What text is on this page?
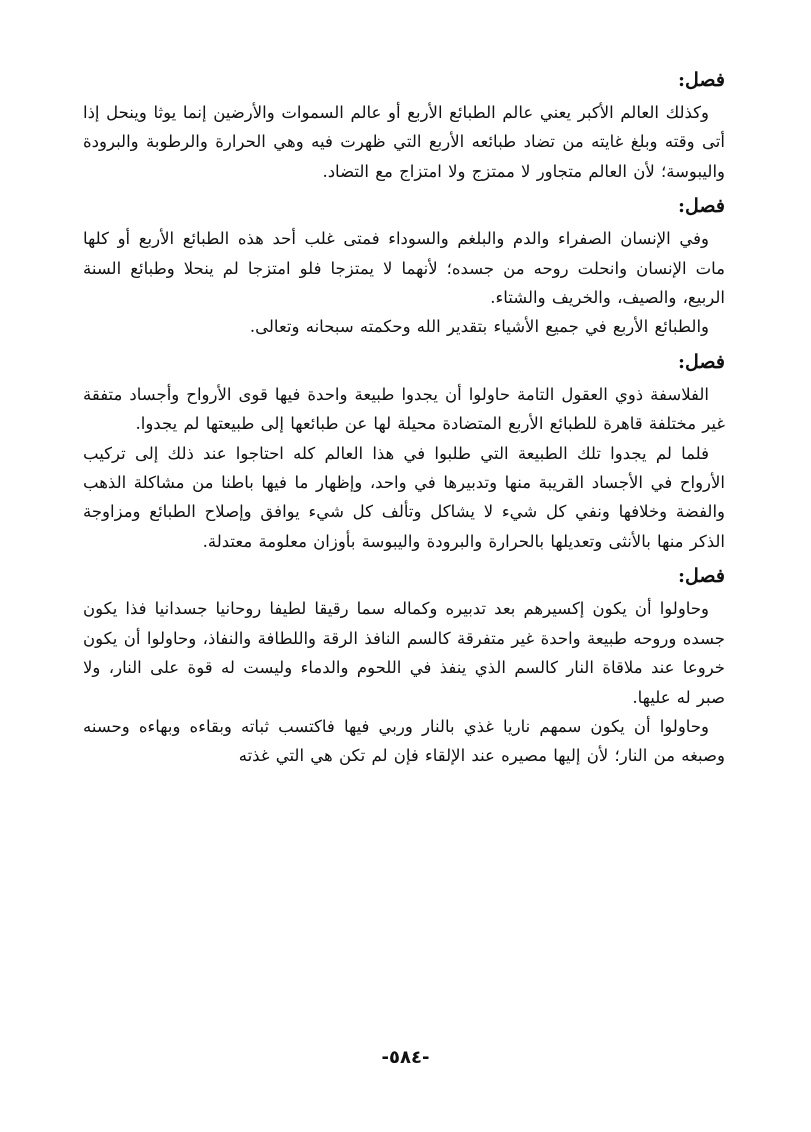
فصل:

وكذلك العالم الأكبر يعني عالم الطبائع الأربع أو عالم السموات والأرضين إنما يوثا وينحل إذا أتى وقته وبلغ غايته من تضاد طبائعه الأربع التي ظهرت فيه وهي الحرارة والرطوبة والبرودة واليبوسة؛ لأن العالم متجاور لا ممتزج ولا امتزاج مع التضاد.

فصل:

وفي الإنسان الصفراء والدم والبلغم والسوداء فمتى غلب أحد هذه الطبائع الأربع أو كلها مات الإنسان وانحلت روحه من جسده؛ لأنهما لا يمتزجا فلو امتزجا لم ينحلا وطبائع السنة الربيع، والصيف، والخريف والشتاء.

والطبائع الأربع في جميع الأشياء بتقدير الله وحكمته سبحانه وتعالى.

فصل:

الفلاسفة ذوي العقول التامة حاولوا أن يجدوا طبيعة واحدة فيها قوى الأرواح وأجساد متفقة غير مختلفة قاهرة للطبائع الأربع المتضادة محيلة لها عن طبائعها إلى طبيعتها لم يجدوا.

فلما لم يجدوا تلك الطبيعة التي طلبوا في هذا العالم كله احتاجوا عند ذلك إلى تركيب الأرواح في الأجساد القريبة منها وتدبيرها في واحد، وإظهار ما فيها باطنا من مشاكلة الذهب والفضة وخلافها ونفي كل شيء لا يشاكل وتألف كل شيء يوافق وإصلاح الطبائع ومزاوجة الذكر منها بالأنثى وتعديلها بالحرارة والبرودة واليبوسة بأوزان معلومة معتدلة.

فصل:

وحاولوا أن يكون إكسيرهم بعد تدبيره وكماله سما رقيقا لطيفا روحانيا جسدانيا فذا يكون جسده وروحه طبيعة واحدة غير متفرقة كالسم النافذ الرقة واللطافة والنفاذ، وحاولوا أن يكون خروعا عند ملاقاة النار كالسم الذي ينفذ في اللحوم والدماء وليست له قوة على النار، ولا صبر له عليها.

وحاولوا أن يكون سمهم ناريا غذي بالنار وربي فيها فاكتسب ثباته وبقاءه وبهاءه وحسنه وصبغه من النار؛ لأن إليها مصيره عند الإلقاء فإن لم تكن هي التي غذته

-٥٨٤-
